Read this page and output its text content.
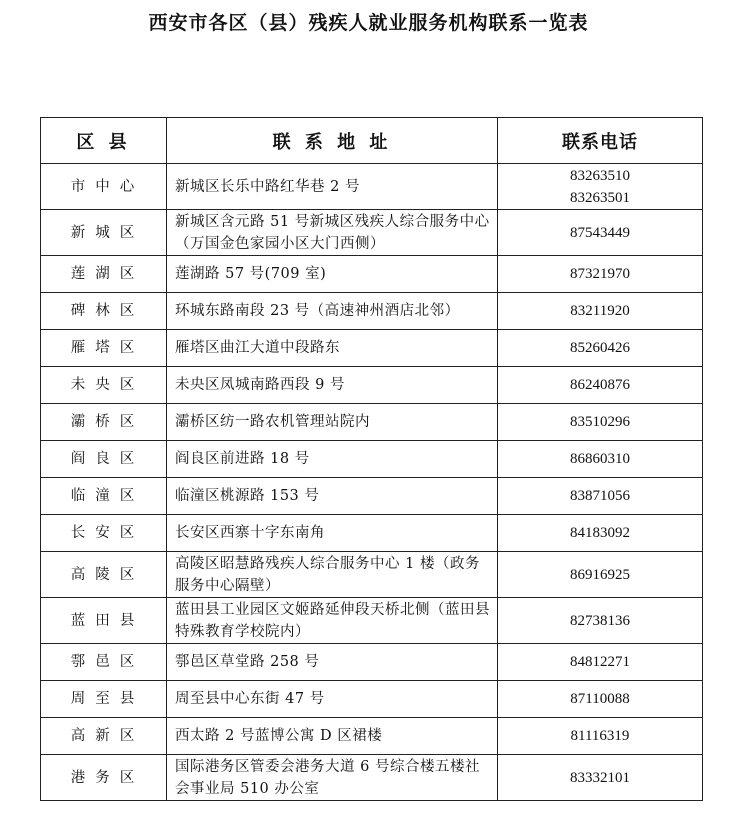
西安市各区（县）残疾人就业服务机构联系一览表
区 县	联 系 地 址	联系电话
市中心	新城区长乐中路红华巷 2 号	83263510
83263501

新城区	新城区含元路 51 号新城区残疾人综合服务中心（万国金色家园小区大门西侧）	87543449
莲湖区	莲湖路 57 号(709 室)	87321970
碑林区	环城东路南段 23 号（高速神州酒店北邻）	83211920
雁塔区	雁塔区曲江大道中段路东	85260426
未央区	未央区凤城南路西段 9 号	86240876
灞桥区	灞桥区纺一路农机管理站院内	83510296
阎良区	阎良区前进路 18 号	86860310
临潼区	临潼区桃源路 153 号	83871056
长安区	长安区西寨十字东南角	84183092
高陵区	高陵区昭慧路残疾人综合服务中心 1 楼（政务服务中心隔壁）	86916925
蓝田县	蓝田县工业园区文姬路延伸段天桥北侧（蓝田县特殊教育学校院内）	82738136
鄠邑区	鄠邑区草堂路 258 号	84812271
周至县	周至县中心东街 47 号	87110088
高新区	西太路 2 号蓝博公寓 D 区裙楼	81116319
港务区	国际港务区管委会港务大道 6 号综合楼五楼社会事业局 510 办公室	83332101
